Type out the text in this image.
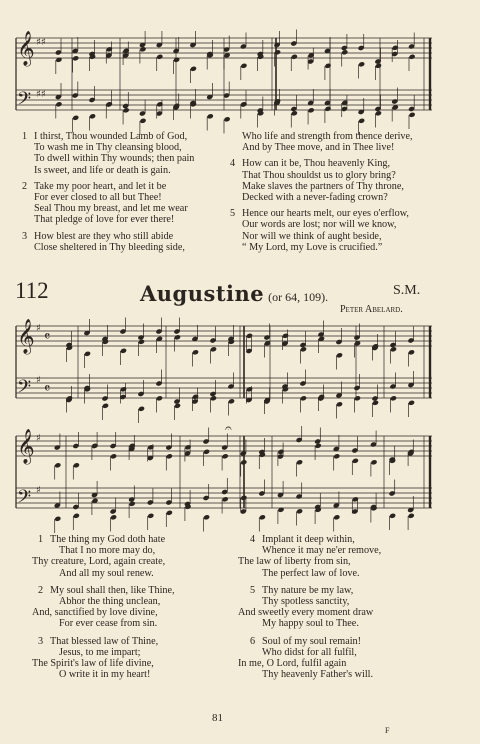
𝄞
𝄢
♯♯
♯♯
1 I thirst, Thou wounded Lamb of God,
To wash me in Thy cleansing blood,
To dwell within Thy wounds; then pain
Is sweet, and life or death is gain.
2 Take my poor heart, and let it be
For ever closed to all but Thee!
Seal Thou my breast, and let me wear
That pledge of love for ever there!
3 How blest are they who still abide
Close sheltered in Thy bleeding side,
Who life and strength from thence derive,
And by Thee move, and in Thee live!
4 How can it be, Thou heavenly King,
That Thou shouldst us to glory bring?
Make slaves the partners of Thy throne,
Decked with a never-fading crown?
5 Hence our hearts melt, our eyes o'erflow,
Our words are lost; nor will we know,
Nor will we think of aught beside,
“ My Lord, my Love is crucified.”
112	Augustine (or 64, 109).	S.M.
Peter Abelard.
𝄞
𝄢
♯
♯
𝄴
𝄴
𝄞
𝄢
♯
♯
𝄐
1 The thing my God doth hate
That I no more may do,
Thy creature, Lord, again create,
And all my soul renew.
2 My soul shall then, like Thine,
Abhor the thing unclean,
And, sanctified by love divine,
For ever cease from sin.
3 That blessed law of Thine,
Jesus, to me impart;
The Spirit's law of life divine,
O write it in my heart!
4 Implant it deep within,
Whence it may ne'er remove,
The law of liberty from sin,
The perfect law of love.
5 Thy nature be my law,
Thy spotless sanctity,
And sweetly every moment draw
My happy soul to Thee.
6 Soul of my soul remain!
Who didst for all fulfil,
In me, O Lord, fulfil again
Thy heavenly Father's will.
81
F
